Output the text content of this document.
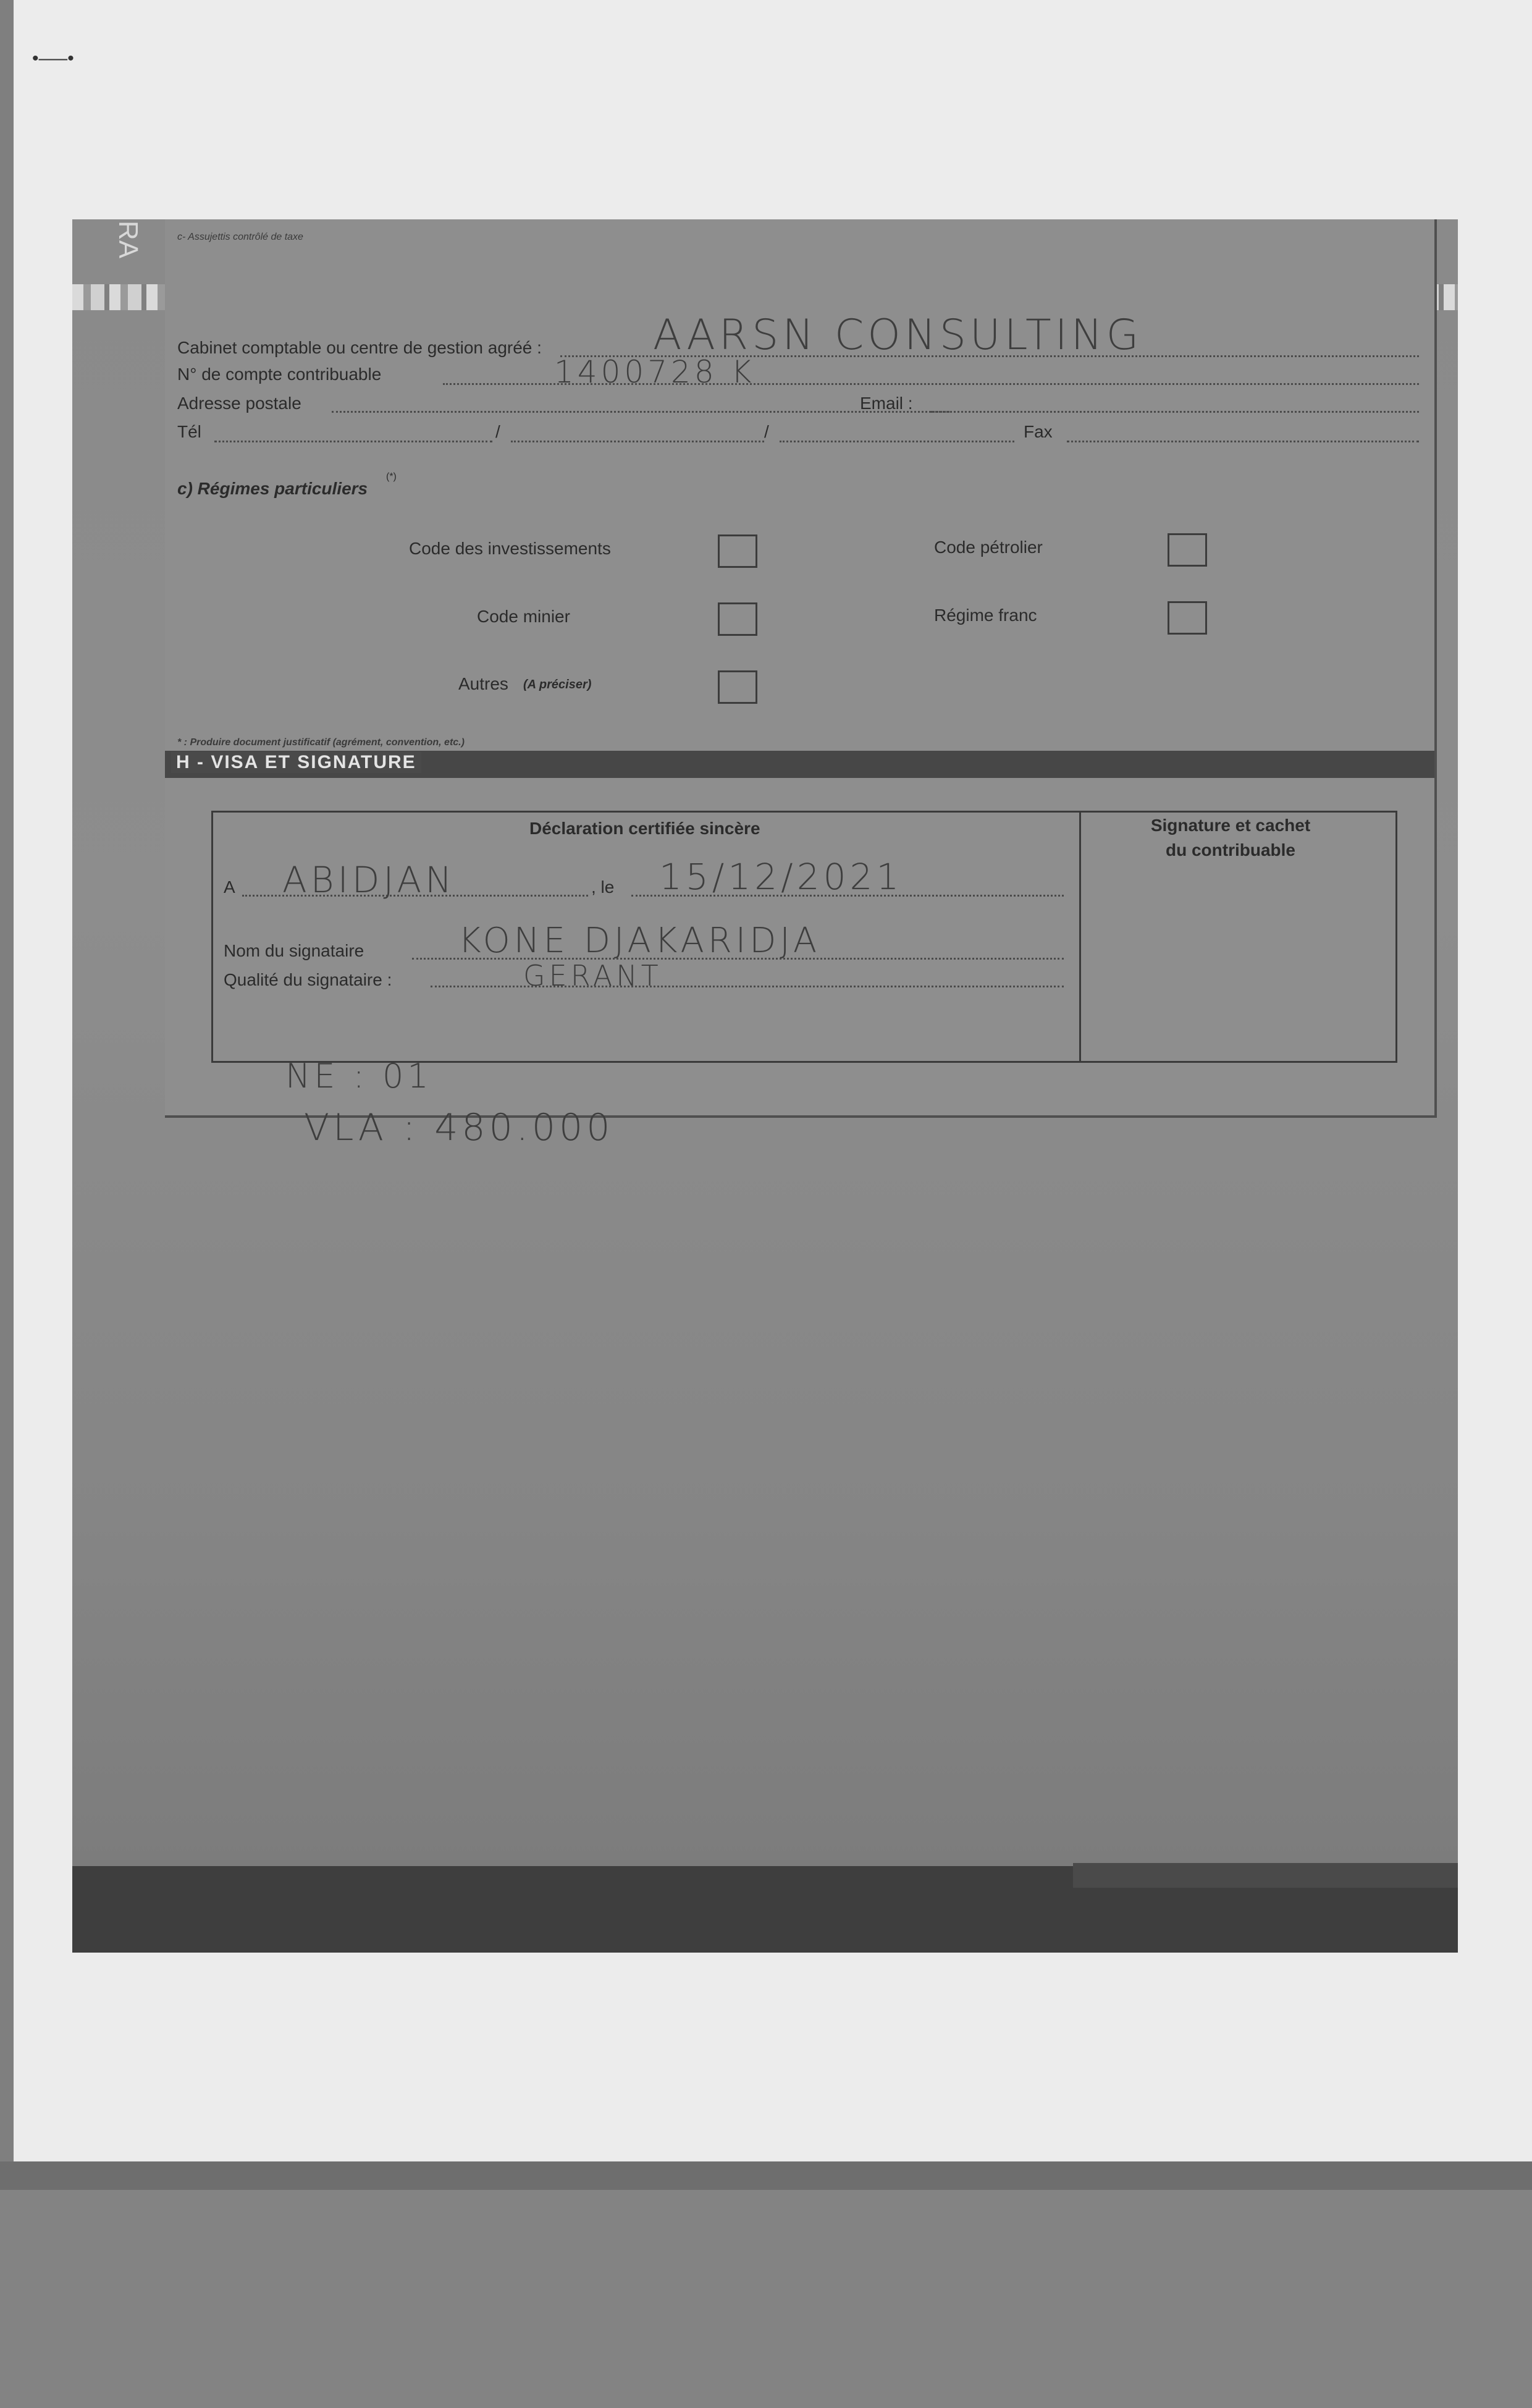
•—–•
RA	c- Assujettis contrôlé de taxe
Cabinet comptable ou centre de gestion agréé :	AARSN CONSULTING
N° de compte contribuable	1400728 K
Adresse postale	Email :
Tél	/	/	Fax
c) Régimes particuliers
(*)
Code des investissements	Code pétrolier
Code minier	Régime franc
Autres (A préciser)
* : Produire document justificatif (agrément, convention, etc.)
H - VISA ET SIGNATURE
Déclaration certifiée sincère
A ABIDJAN	, le 15/12/2021
Nom du signataire	KONE DJAKARIDJA
Qualité du signataire :	GERANT
Signature et cachet
du contribuable
NE : 01
VLA : 480.000
